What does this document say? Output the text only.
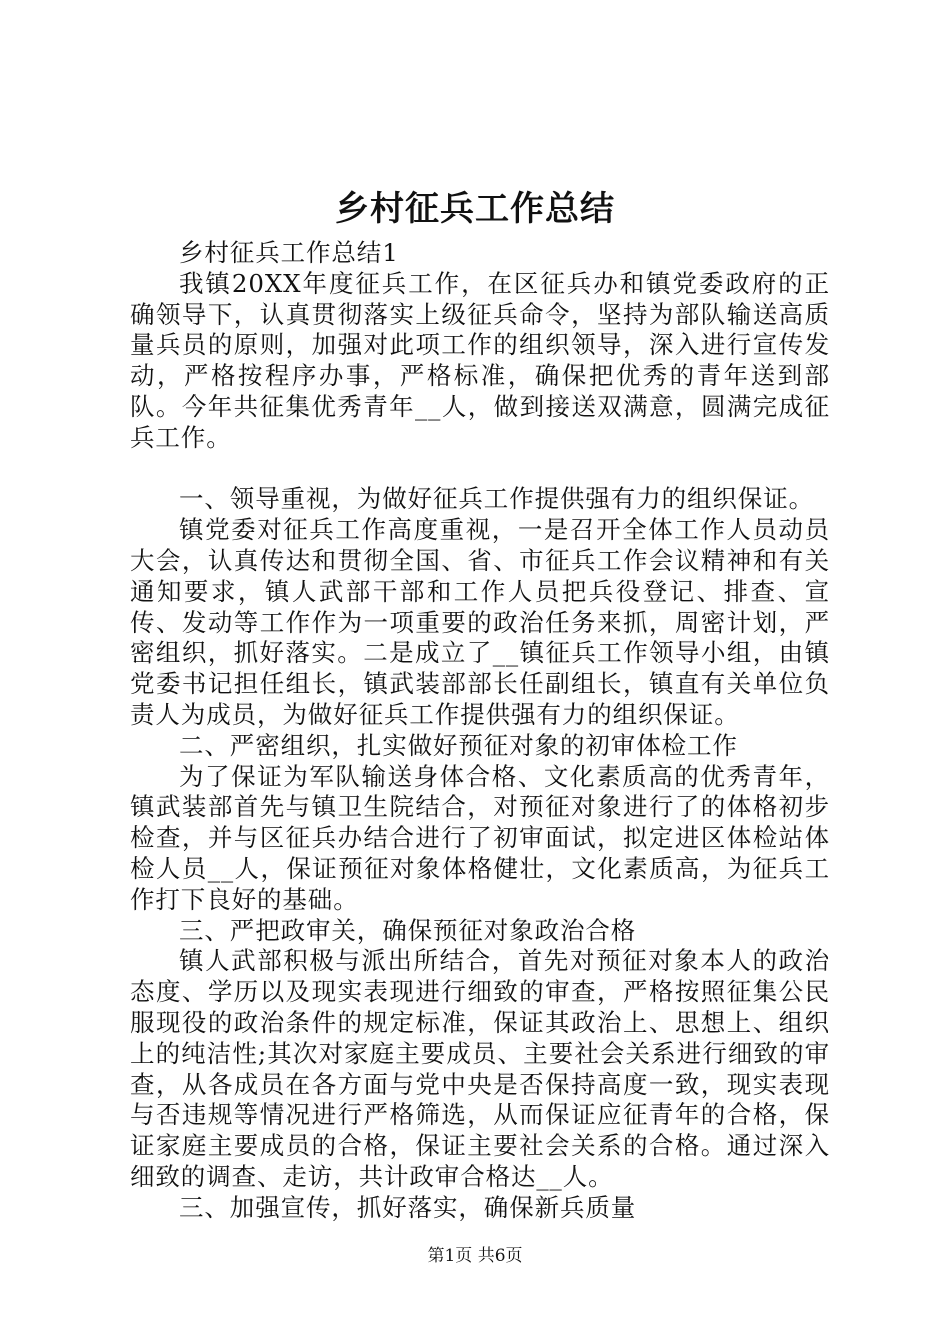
乡村征兵工作总结

乡村征兵工作总结1

我镇20XX年度征兵工作，在区征兵办和镇党委政府的正确领导下，认真贯彻落实上级征兵命令，坚持为部队输送高质量兵员的原则，加强对此项工作的组织领导，深入进行宣传发动，严格按程序办事，严格标准，确保把优秀的青年送到部队。今年共征集优秀青年__人，做到接送双满意，圆满完成征兵工作。

一、领导重视，为做好征兵工作提供强有力的组织保证。

镇党委对征兵工作高度重视，一是召开全体工作人员动员大会，认真传达和贯彻全国、省、市征兵工作会议精神和有关通知要求，镇人武部干部和工作人员把兵役登记、排查、宣传、发动等工作作为一项重要的政治任务来抓，周密计划，严密组织，抓好落实。二是成立了__镇征兵工作领导小组，由镇党委书记担任组长，镇武装部部长任副组长，镇直有关单位负责人为成员，为做好征兵工作提供强有力的组织保证。

二、严密组织，扎实做好预征对象的初审体检工作

为了保证为军队输送身体合格、文化素质高的优秀青年，镇武装部首先与镇卫生院结合，对预征对象进行了的体格初步检查，并与区征兵办结合进行了初审面试，拟定进区体检站体检人员__人，保证预征对象体格健壮，文化素质高，为征兵工作打下良好的基础。

三、严把政审关，确保预征对象政治合格

镇人武部积极与派出所结合，首先对预征对象本人的政治态度、学历以及现实表现进行细致的审查，严格按照征集公民服现役的政治条件的规定标准，保证其政治上、思想上、组织上的纯洁性;其次对家庭主要成员、主要社会关系进行细致的审查，从各成员在各方面与党中央是否保持高度一致，现实表现与否违规等情况进行严格筛选，从而保证应征青年的合格，保证家庭主要成员的合格，保证主要社会关系的合格。通过深入细致的调查、走访，共计政审合格达__人。

三、加强宣传，抓好落实，确保新兵质量

第1页 共6页
